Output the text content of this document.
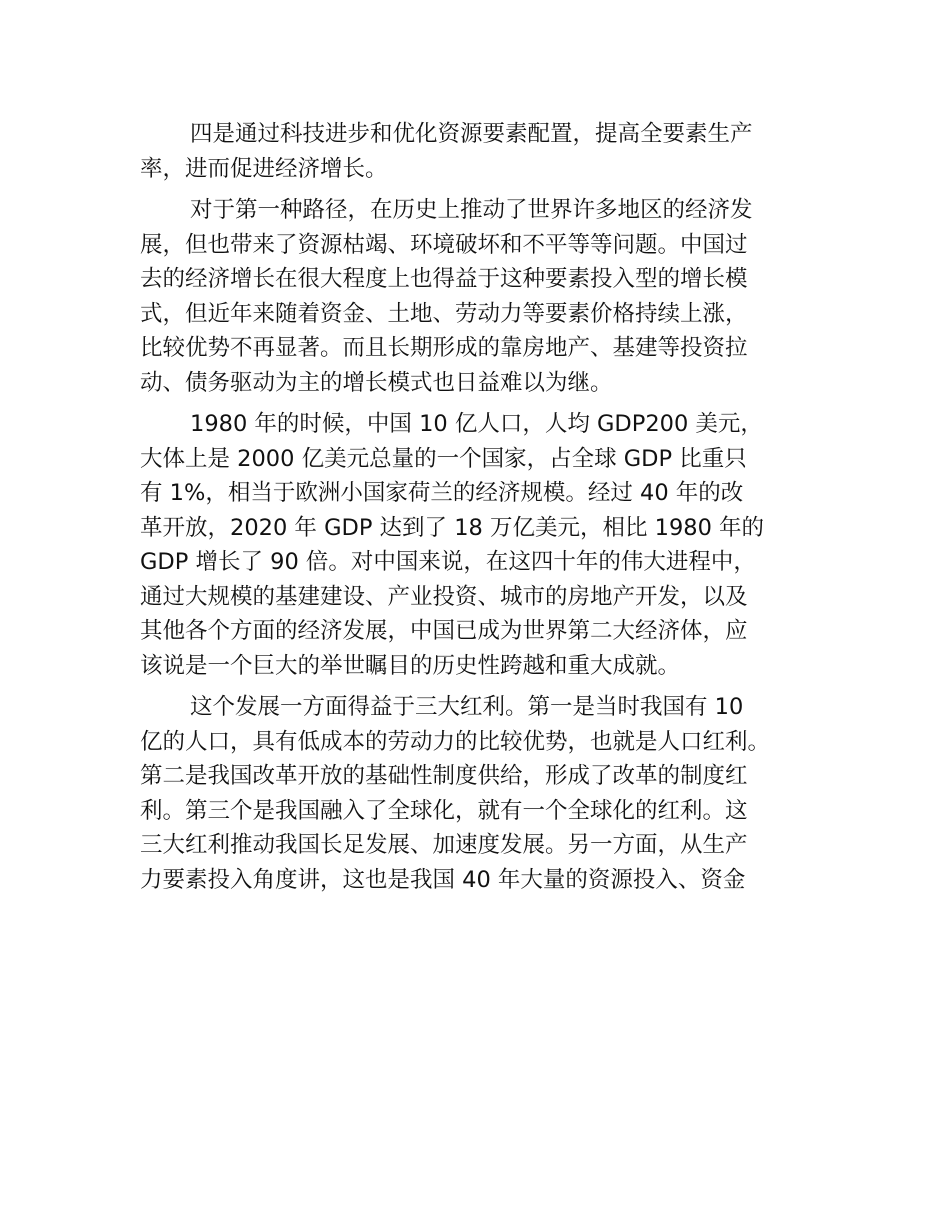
四是通过科技进步和优化资源要素配置，提高全要素生产
率，进而促进经济增长。
对于第一种路径，在历史上推动了世界许多地区的经济发
展，但也带来了资源枯竭、环境破坏和不平等等问题。中国过
去的经济增长在很大程度上也得益于这种要素投入型的增长模
式，但近年来随着资金、土地、劳动力等要素价格持续上涨，
比较优势不再显著。而且长期形成的靠房地产、基建等投资拉
动、债务驱动为主的增长模式也日益难以为继。
1980 年的时候，中国 10 亿人口，人均 GDP200 美元，
大体上是 2000 亿美元总量的一个国家，占全球 GDP 比重只
有 1%，相当于欧洲小国家荷兰的经济规模。经过 40 年的改
革开放，2020 年 GDP 达到了 18 万亿美元，相比 1980 年的
GDP 增长了 90 倍。对中国来说，在这四十年的伟大进程中，
通过大规模的基建建设、产业投资、城市的房地产开发，以及
其他各个方面的经济发展，中国已成为世界第二大经济体，应
该说是一个巨大的举世瞩目的历史性跨越和重大成就。
这个发展一方面得益于三大红利。第一是当时我国有 10
亿的人口，具有低成本的劳动力的比较优势，也就是人口红利。
第二是我国改革开放的基础性制度供给，形成了改革的制度红
利。第三个是我国融入了全球化，就有一个全球化的红利。这
三大红利推动我国长足发展、加速度发展。另一方面，从生产
力要素投入角度讲，这也是我国 40 年大量的资源投入、资金
